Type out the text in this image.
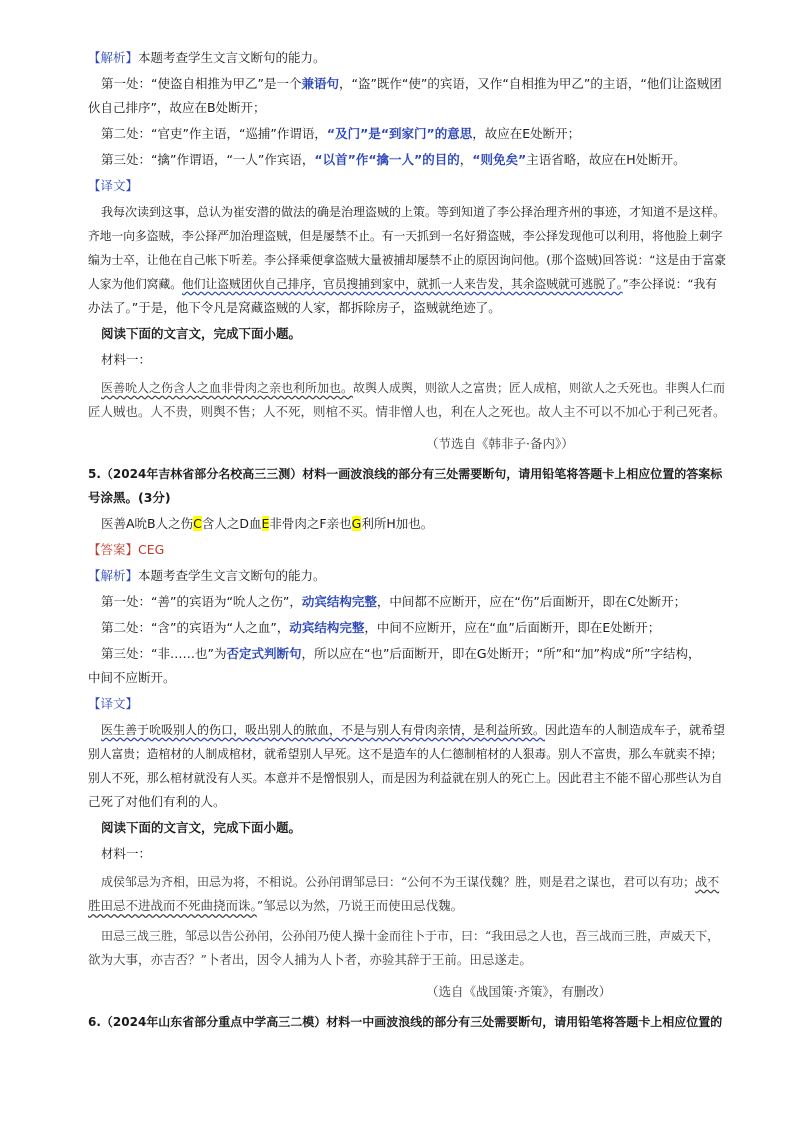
【解析】本题考查学生文言文断句的能力。
第一处：“使盗自相推为甲乙”是一个兼语句，“盗”既作“使”的宾语，又作“自相推为甲乙”的主语，“他们让盗贼团
伙自己排序”，故应在B处断开；
第二处：“官吏”作主语，“巡捕”作谓语，“及门”是“到家门”的意思，故应在E处断开；
第三处：“擒”作谓语，“一人”作宾语，“以首”作“擒一人”的目的，“则免矣”主语省略，故应在H处断开。
【译文】
我每次读到这事，总认为崔安潜的做法的确是治理盗贼的上策。等到知道了李公择治理齐州的事迹，才知道不是这样。
齐地一向多盗贼，李公择严加治理盗贼，但是屡禁不止。有一天抓到一名好猾盗贼，李公择发现他可以利用，将他脸上刺字
编为士卒，让他在自己帐下听差。李公择乘便拿盗贼大量被捕却屡禁不止的原因询问他。(那个盗贼)回答说：“这是由于富豪
人家为他们窝藏。他们让盗贼团伙自己排序，官员搜捕到家中，就抓一人来告发，其余盗贼就可逃脱了。”李公择说：“我有
办法了。”于是，他下令凡是窝藏盗贼的人家，都拆除房子，盗贼就绝迹了。
阅读下面的文言文，完成下面小题。
材料一：
医善吮人之伤含人之血非骨肉之亲也利所加也。故舆人成舆，则欲人之富贵；匠人成棺，则欲人之夭死也。非舆人仁而
匠人贼也。人不贵，则舆不售；人不死，则棺不买。情非憎人也，利在人之死也。故人主不可以不加心于利己死者。
（节选自《韩非子·备内》）
5.（2024年吉林省部分名校高三三测）材料一画波浪线的部分有三处需要断句，请用铅笔将答题卡上相应位置的答案标
号涂黑。(3分)
医善A吮B人之伤C含人之D血E非骨肉之F亲也G利所H加也。
【答案】CEG
【解析】本题考查学生文言文断句的能力。
第一处：“善”的宾语为“吮人之伤”，动宾结构完整，中间都不应断开，应在“伤”后面断开，即在C处断开；
第二处：“含”的宾语为“人之血”，动宾结构完整，中间不应断开，应在“血”后面断开，即在E处断开；
第三处：“非……也”为否定式判断句，所以应在“也”后面断开，即在G处断开；“所”和“加”构成“所”字结构，
中间不应断开。
【译文】
医生善于吮吸别人的伤口，吸出别人的脓血，不是与别人有骨肉亲情，是利益所致。因此造车的人制造成车子，就希望
别人富贵；造棺材的人制成棺材，就希望别人早死。这不是造车的人仁德制棺材的人狠毒。别人不富贵，那么车就卖不掉；
别人不死，那么棺材就没有人买。本意并不是憎恨别人，而是因为利益就在别人的死亡上。因此君主不能不留心那些认为自
己死了对他们有利的人。
阅读下面的文言文，完成下面小题。
材料一：
成侯邹忌为齐相，田忌为将，不相说。公孙闬谓邹忌曰：“公何不为王谋伐魏？胜，则是君之谋也，君可以有功；战不
胜田忌不进战而不死曲挠而诛。”邹忌以为然，乃说王而使田忌伐魏。
田忌三战三胜，邹忌以告公孙闬，公孙闬乃使人操十金而往卜于市，曰：“我田忌之人也，吾三战而三胜，声威天下，
欲为大事，亦吉否？”卜者出，因令人捕为人卜者，亦验其辞于王前。田忌遂走。
（选自《战国策·齐策》，有删改）
6.（2024年山东省部分重点中学高三二模）材料一中画波浪线的部分有三处需要断句，请用铅笔将答题卡上相应位置的
